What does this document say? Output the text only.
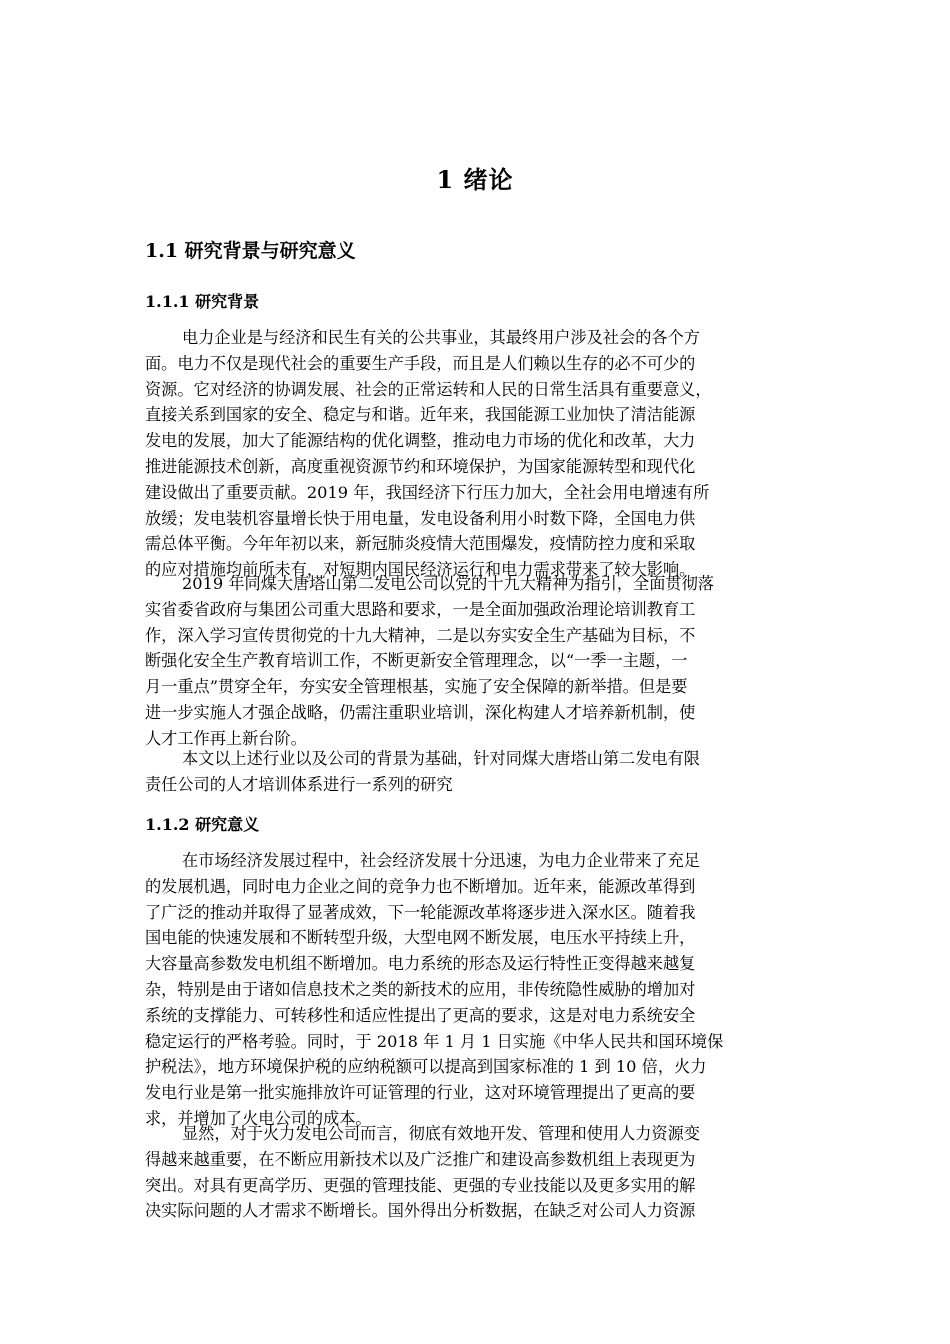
1 绪论
1.1 研究背景与研究意义
1.1.1 研究背景
电力企业是与经济和民生有关的公共事业，其最终用户涉及社会的各个方
面。电力不仅是现代社会的重要生产手段，而且是人们赖以生存的必不可少的
资源。它对经济的协调发展、社会的正常运转和人民的日常生活具有重要意义，
直接关系到国家的安全、稳定与和谐。近年来，我国能源工业加快了清洁能源
发电的发展，加大了能源结构的优化调整，推动电力市场的优化和改革，大力
推进能源技术创新，高度重视资源节约和环境保护，为国家能源转型和现代化
建设做出了重要贡献。2019 年，我国经济下行压力加大，全社会用电增速有所
放缓；发电装机容量增长快于用电量，发电设备利用小时数下降，全国电力供
需总体平衡。今年年初以来，新冠肺炎疫情大范围爆发，疫情防控力度和采取
的应对措施均前所未有，对短期内国民经济运行和电力需求带来了较大影响。
2019 年同煤大唐塔山第二发电公司以党的十九大精神为指引，全面贯彻落
实省委省政府与集团公司重大思路和要求，一是全面加强政治理论培训教育工
作，深入学习宣传贯彻党的十九大精神，二是以夯实安全生产基础为目标，不
断强化安全生产教育培训工作，不断更新安全管理理念，以“一季一主题，一
月一重点”贯穿全年，夯实安全管理根基，实施了安全保障的新举措。但是要
进一步实施人才强企战略，仍需注重职业培训，深化构建人才培养新机制，使
人才工作再上新台阶。
本文以上述行业以及公司的背景为基础，针对同煤大唐塔山第二发电有限
责任公司的人才培训体系进行一系列的研究
1.1.2 研究意义
在市场经济发展过程中，社会经济发展十分迅速，为电力企业带来了充足
的发展机遇，同时电力企业之间的竞争力也不断增加。近年来，能源改革得到
了广泛的推动并取得了显著成效，下一轮能源改革将逐步进入深水区。随着我
国电能的快速发展和不断转型升级，大型电网不断发展，电压水平持续上升，
大容量高参数发电机组不断增加。电力系统的形态及运行特性正变得越来越复
杂，特别是由于诸如信息技术之类的新技术的应用，非传统隐性威胁的增加对
系统的支撑能力、可转移性和适应性提出了更高的要求，这是对电力系统安全
稳定运行的严格考验。同时，于 2018 年 1 月 1 日实施《中华人民共和国环境保
护税法》，地方环境保护税的应纳税额可以提高到国家标准的 1 到 10 倍，火力
发电行业是第一批实施排放许可证管理的行业，这对环境管理提出了更高的要
求，并增加了火电公司的成本。
显然，对于火力发电公司而言，彻底有效地开发、管理和使用人力资源变
得越来越重要，在不断应用新技术以及广泛推广和建设高参数机组上表现更为
突出。对具有更高学历、更强的管理技能、更强的专业技能以及更多实用的解
决实际问题的人才需求不断增长。国外得出分析数据，在缺乏对公司人力资源
